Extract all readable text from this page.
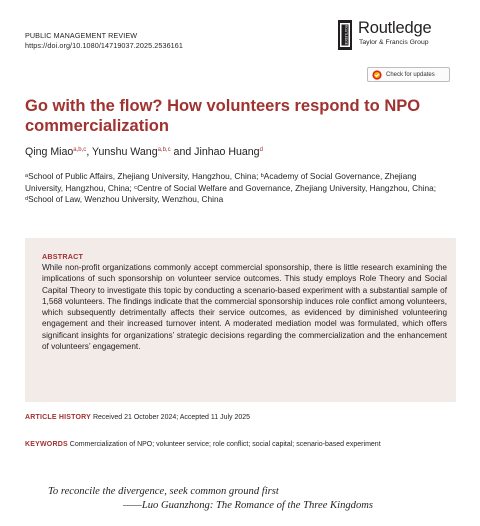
PUBLIC MANAGEMENT REVIEW
https://doi.org/10.1080/14719037.2025.2536161
ROUTLEDGE Routledge
Taylor & Francis Group
Check for updates
Go with the flow? How volunteers respond to NPO commercialization
Qing Miao$^{a,b,c}$, Yunshu Wang$^{a,b,c}$ and Jinhao Huang$^d$

ᵃSchool of Public Affairs, Zhejiang University, Hangzhou, China; ᵇAcademy of Social Governance, Zhejiang University, Hangzhou, China; ᶜCentre of Social Welfare and Governance, Zhejiang University, Hangzhou, China; ᵈSchool of Law, Wenzhou University, Wenzhou, China

ABSTRACT

While non-profit organizations commonly accept commercial sponsorship, there is little research examining the implications of such sponsorship on volunteer service outcomes. This study employs Role Theory and Social Capital Theory to investigate this topic by conducting a scenario-based experiment with a substantial sample of 1,568 volunteers. The findings indicate that the commercial sponsorship induces role conflict among volunteers, which subsequently detrimentally affects their service outcomes, as evidenced by diminished volunteering engagement and their increased turnover intent. A moderated mediation model was formulated, which offers significant insights for organizations’ strategic decisions regarding the commercialization and the enhancement of volunteers’ engagement.

ARTICLE HISTORY Received 21 October 2024; Accepted 11 July 2025
KEYWORDS Commercialization of NPO; volunteer service; role conflict; social capital; scenario-based experiment
To reconcile the divergence, seek common ground first
——Luo Guanzhong: The Romance of the Three Kingdoms
